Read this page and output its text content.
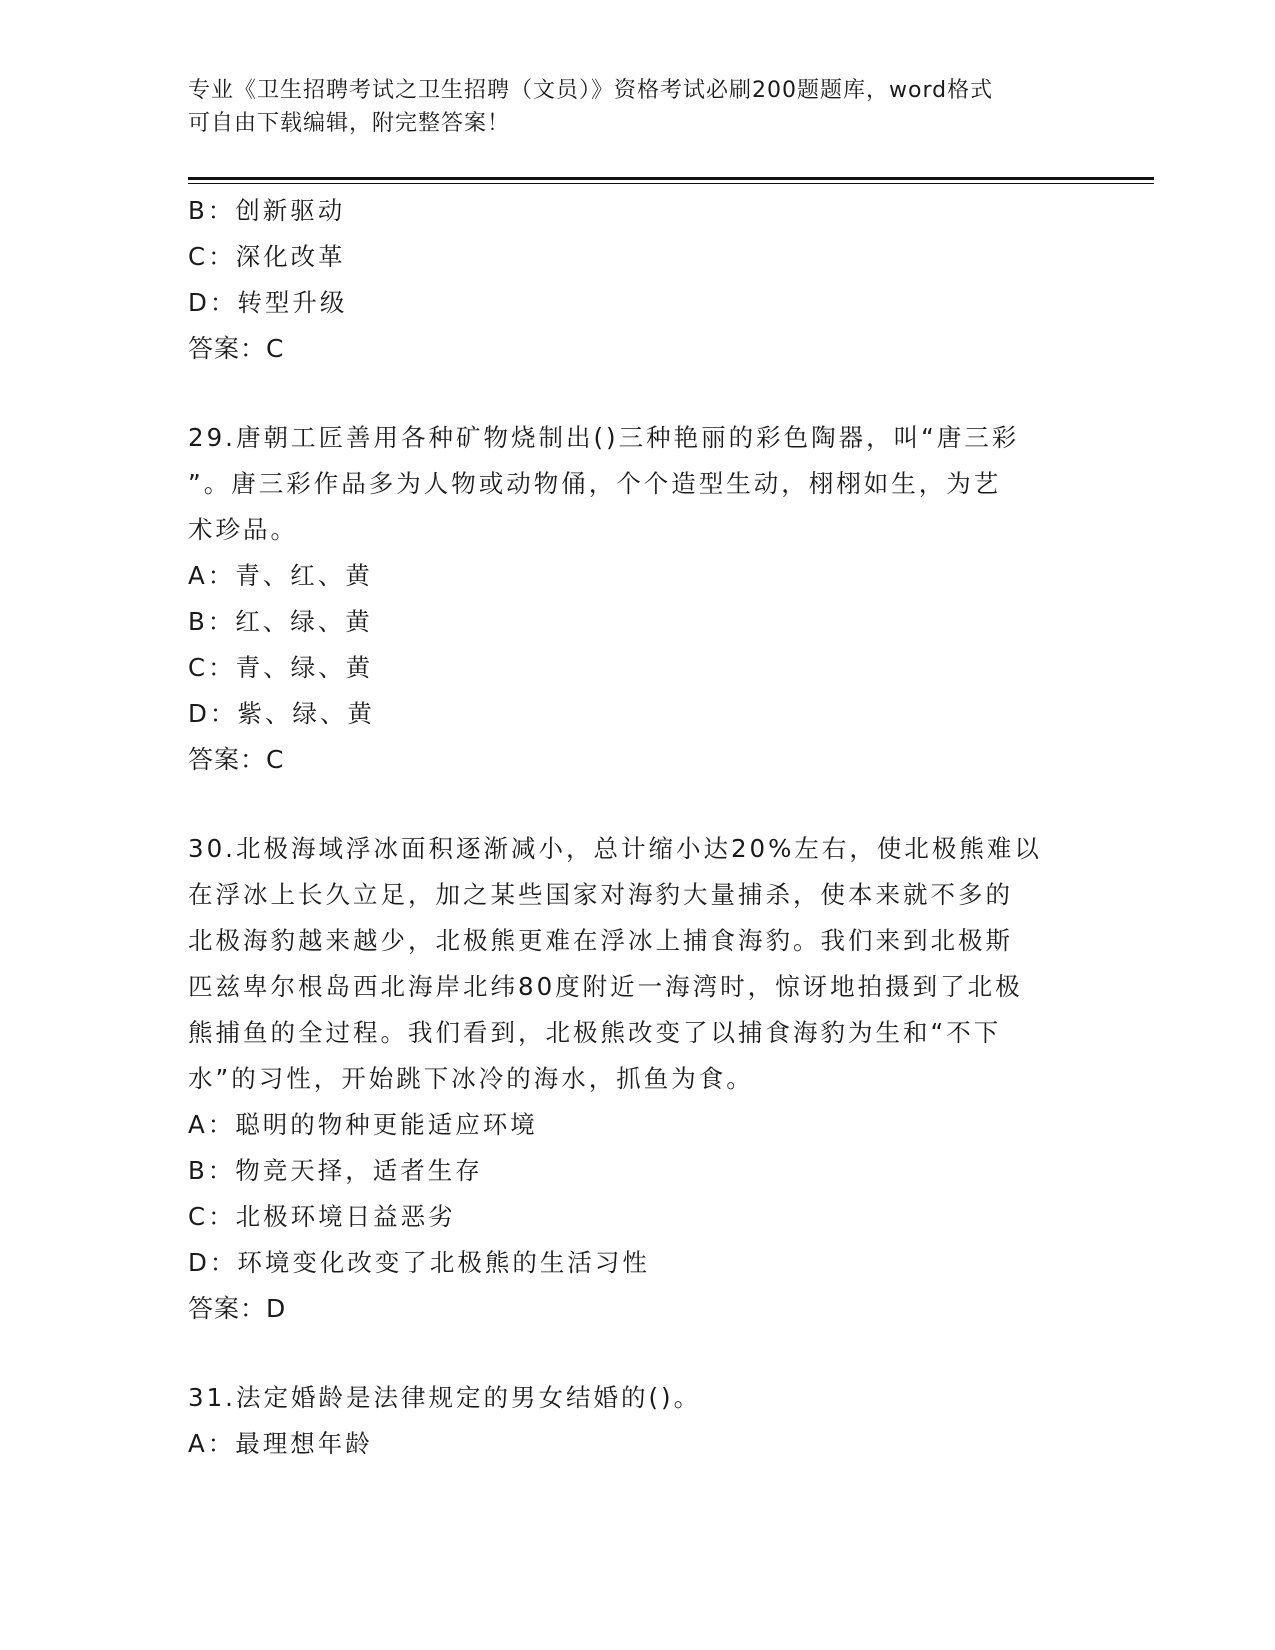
专业《卫生招聘考试之卫生招聘（文员）》资格考试必刷200题题库，word格式
可自由下载编辑，附完整答案！
B：创新驱动
C：深化改革
D：转型升级
答案：C
29.唐朝工匠善用各种矿物烧制出()三种艳丽的彩色陶器，叫“唐三彩
”。唐三彩作品多为人物或动物俑，个个造型生动，栩栩如生，为艺
术珍品。
A：青、红、黄
B：红、绿、黄
C：青、绿、黄
D：紫、绿、黄
答案：C
30.北极海域浮冰面积逐渐减小，总计缩小达20%左右，使北极熊难以
在浮冰上长久立足，加之某些国家对海豹大量捕杀，使本来就不多的
北极海豹越来越少，北极熊更难在浮冰上捕食海豹。我们来到北极斯
匹兹卑尔根岛西北海岸北纬80度附近一海湾时，惊讶地拍摄到了北极
熊捕鱼的全过程。我们看到，北极熊改变了以捕食海豹为生和“不下
水”的习性，开始跳下冰冷的海水，抓鱼为食。
A：聪明的物种更能适应环境
B：物竞天择，适者生存
C：北极环境日益恶劣
D：环境变化改变了北极熊的生活习性
答案：D
31.法定婚龄是法律规定的男女结婚的()。
A：最理想年龄
